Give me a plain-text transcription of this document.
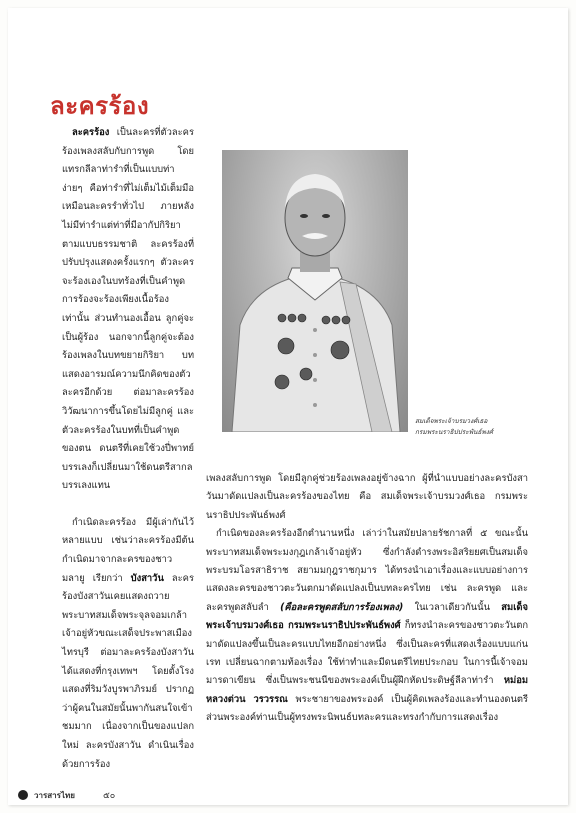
ละครร้อง

ละครร้อง เป็นละครที่ตัวละครร้องเพลงสลับกับการพูด โดยแทรกลีลาท่ารำที่เป็นแบบท่าง่ายๆ คือท่ารำที่ไม่เต็มไม้เต็มมือเหมือนละครรำทั่วไป ภายหลังไม่มีท่ารำแต่ท่าที่มีอากัปกิริยาตามแบบธรรมชาติ ละครร้องที่ปรับปรุงแสดงครั้งแรกๆ ตัวละครจะร้องเองในบทร้องที่เป็นคำพูด การร้องจะร้องเพียงเนื้อร้องเท่านั้น ส่วนทำนองเอื้อน ลูกคู่จะเป็นผู้ร้อง นอกจากนี้ลูกคู่จะต้องร้องเพลงในบทขยายกิริยา บทแสดงอารมณ์ความนึกคิดของตัวละครอีกด้วย ต่อมาละครร้องวิวัฒนาการขึ้นโดยไม่มีลูกคู่ และตัวละครร้องในบทที่เป็นคำพูดของตน ดนตรีที่เคยใช้วงปี่พาทย์บรรเลงก็เปลี่ยนมาใช้ดนตรีสากลบรรเลงแทน

กำเนิดละครร้อง มีผู้เล่ากันไว้หลายแบบ เช่นว่าละครร้องมีต้นกำเนิดมาจากละครของชาวมลายู เรียกว่า บังสาวัน ละครร้องบังสาวันเคยแสดงถวายพระบาทสมเด็จพระจุลจอมเกล้าเจ้าอยู่หัวขณะเสด็จประพาสเมืองไทรบุรี ต่อมาละครร้องบังสาวันได้แสดงที่กรุงเทพฯ โดยตั้งโรงแสดงที่ริมวังบูรพาภิรมย์ ปรากฏว่าผู้คนในสมัยนั้นพากันสนใจเข้าชมมาก เนื่องจากเป็นของแปลกใหม่ ละครบังสาวัน ดำเนินเรื่องด้วยการร้อง

สมเด็จพระเจ้าบรมวงศ์เธอ
กรมพระนราธิปประพันธ์พงศ์

เพลงสลับการพูด โดยมีลูกคู่ช่วยร้องเพลงอยู่ข้างฉาก ผู้ที่นำแบบอย่างละครบังสาวันมาดัดแปลงเป็นละครร้องของไทย คือ สมเด็จพระเจ้าบรมวงศ์เธอ กรมพระนราธิปประพันธ์พงศ์

กำเนิดของละครร้องอีกตำนานหนึ่ง เล่าว่าในสมัยปลายรัชกาลที่ ๕ ขณะนั้นพระบาทสมเด็จพระมงกุฎเกล้าเจ้าอยู่หัว ซึ่งกำลังดำรงพระอิสริยยศเป็นสมเด็จพระบรมโอรสาธิราช สยามมกุฎราชกุมาร ได้ทรงนำเอาเรื่องและแบบอย่างการแสดงละครของชาวตะวันตกมาดัดแปลงเป็นบทละครไทย เช่น ละครพูด และละครพูดสลับลำ (คือละครพูดสลับการร้องเพลง) ในเวลาเดียวกันนั้น สมเด็จพระเจ้าบรมวงศ์เธอ กรมพระนราธิปประพันธ์พงศ์ ก็ทรงนำละครของชาวตะวันตกมาดัดแปลงขึ้นเป็นละครแบบไทยอีกอย่างหนึ่ง ซึ่งเป็นละครที่แสดงเรื่องแบบแก่นเรท เปลี่ยนฉากตามท้องเรื่อง ใช้ท่าทำและมีดนตรีไทยประกอบ ในการนี้เจ้าจอมมารดาเขียน ซึ่งเป็นพระชนนีของพระองค์เป็นผู้ฝึกหัดประดิษฐ์ลีลาท่ารำ หม่อมหลวงต่วน วรวรรณ พระชายาของพระองค์ เป็นผู้คิดเพลงร้องและทำนองดนตรี ส่วนพระองค์ท่านเป็นผู้ทรงพระนิพนธ์บทละครและทรงกำกับการแสดงเรื่อง

วารสารไทย	๕๐
